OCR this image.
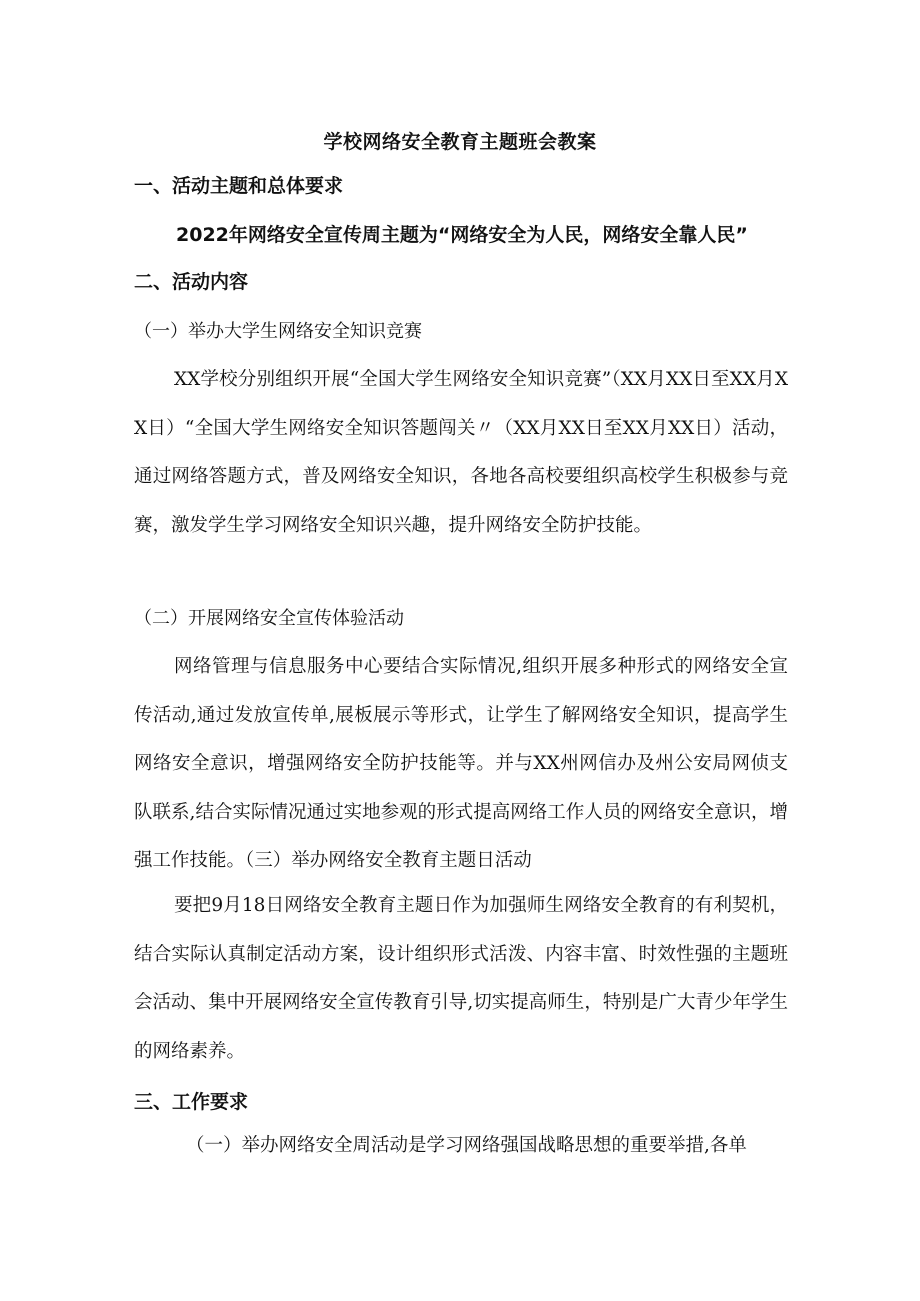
学校网络安全教育主题班会教案
一、活动主题和总体要求
2022年网络安全宣传周主题为“网络安全为人民，网络安全靠人民”
二、活动内容
（一）举办大学生网络安全知识竞赛

XX学校分别组织开展“全国大学生网络安全知识竞赛”（XX月XX日至XX月XX日）“全国大学生网络安全知识答题闯关〃（XX月XX日至XX月XX日）活动，通过网络答题方式，普及网络安全知识，各地各高校要组织高校学生积极参与竞赛，激发学生学习网络安全知识兴趣，提升网络安全防护技能。

（二）开展网络安全宣传体验活动

网络管理与信息服务中心要结合实际情况,组织开展多种形式的网络安全宣传活动,通过发放宣传单,展板展示等形式，让学生了解网络安全知识，提高学生网络安全意识，增强网络安全防护技能等。并与XX州网信办及州公安局网侦支队联系,结合实际情况通过实地参观的形式提高网络工作人员的网络安全意识，增强工作技能。（三）举办网络安全教育主题日活动

要把9月18日网络安全教育主题日作为加强师生网络安全教育的有利契机，结合实际认真制定活动方案，设计组织形式活泼、内容丰富、时效性强的主题班会活动、集中开展网络安全宣传教育引导,切实提高师生，特别是广大青少年学生的网络素养。

三、工作要求

（一）举办网络安全周活动是学习网络强国战略思想的重要举措,各单
